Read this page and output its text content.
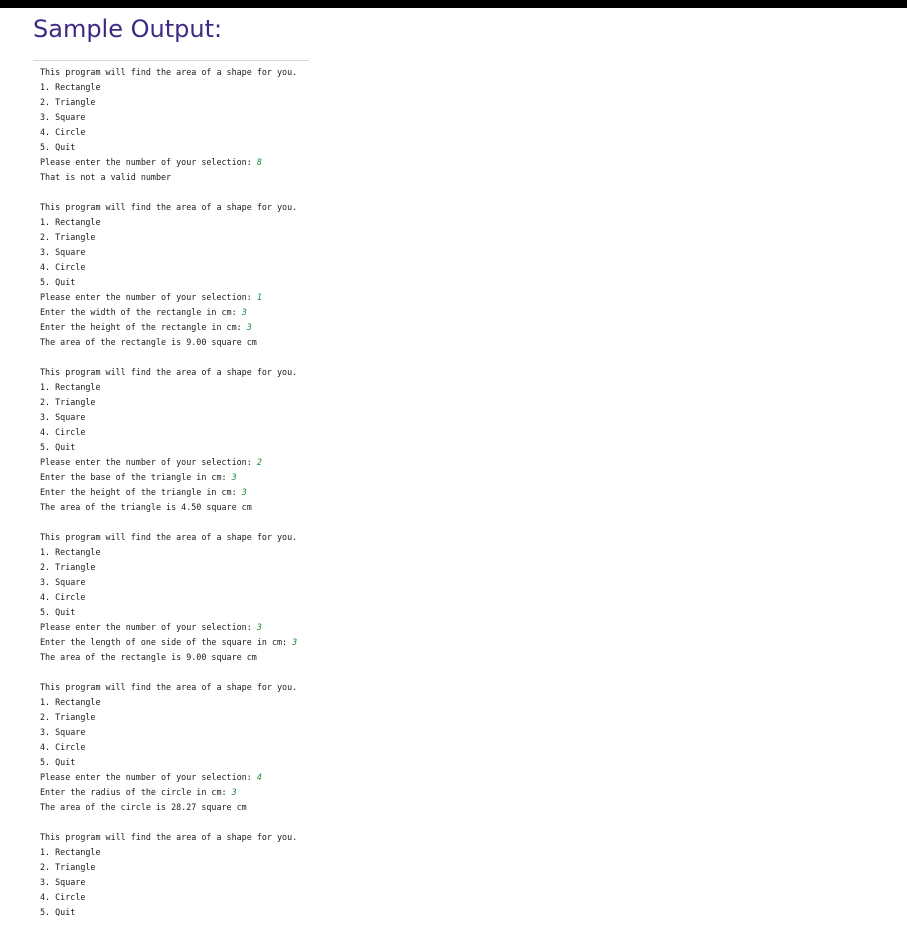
Sample Output:
This program will find the area of a shape for you.
1. Rectangle
2. Triangle
3. Square
4. Circle
5. Quit
Please enter the number of your selection: 8
That is not a valid number
This program will find the area of a shape for you.
1. Rectangle
2. Triangle
3. Square
4. Circle
5. Quit
Please enter the number of your selection: 1
Enter the width of the rectangle in cm: 3
Enter the height of the rectangle in cm: 3
The area of the rectangle is 9.00 square cm
This program will find the area of a shape for you.
1. Rectangle
2. Triangle
3. Square
4. Circle
5. Quit
Please enter the number of your selection: 2
Enter the base of the triangle in cm: 3
Enter the height of the triangle in cm: 3
The area of the triangle is 4.50 square cm
This program will find the area of a shape for you.
1. Rectangle
2. Triangle
3. Square
4. Circle
5. Quit
Please enter the number of your selection: 3
Enter the length of one side of the square in cm: 3
The area of the rectangle is 9.00 square cm
This program will find the area of a shape for you.
1. Rectangle
2. Triangle
3. Square
4. Circle
5. Quit
Please enter the number of your selection: 4
Enter the radius of the circle in cm: 3
The area of the circle is 28.27 square cm
This program will find the area of a shape for you.
1. Rectangle
2. Triangle
3. Square
4. Circle
5. Quit
